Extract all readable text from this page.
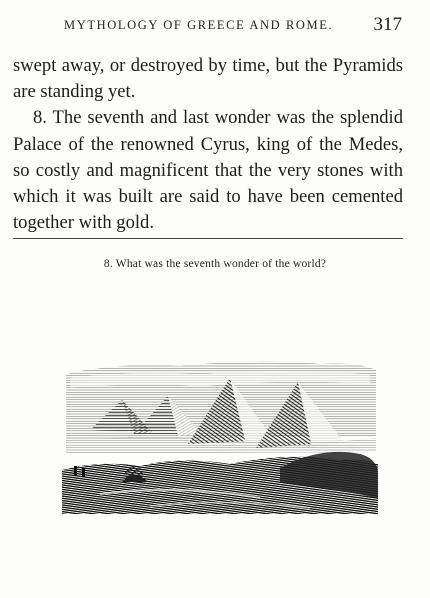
MYTHOLOGY OF GREECE AND ROME. 317

swept away, or destroyed by time, but the Pyramids are standing yet.

8. The seventh and last wonder was the splendid Palace of the renowned Cyrus, king of the Medes, so costly and magnificent that the very stones with which it was built are said to have been cemented together with gold.

8. What was the seventh wonder of the world?
